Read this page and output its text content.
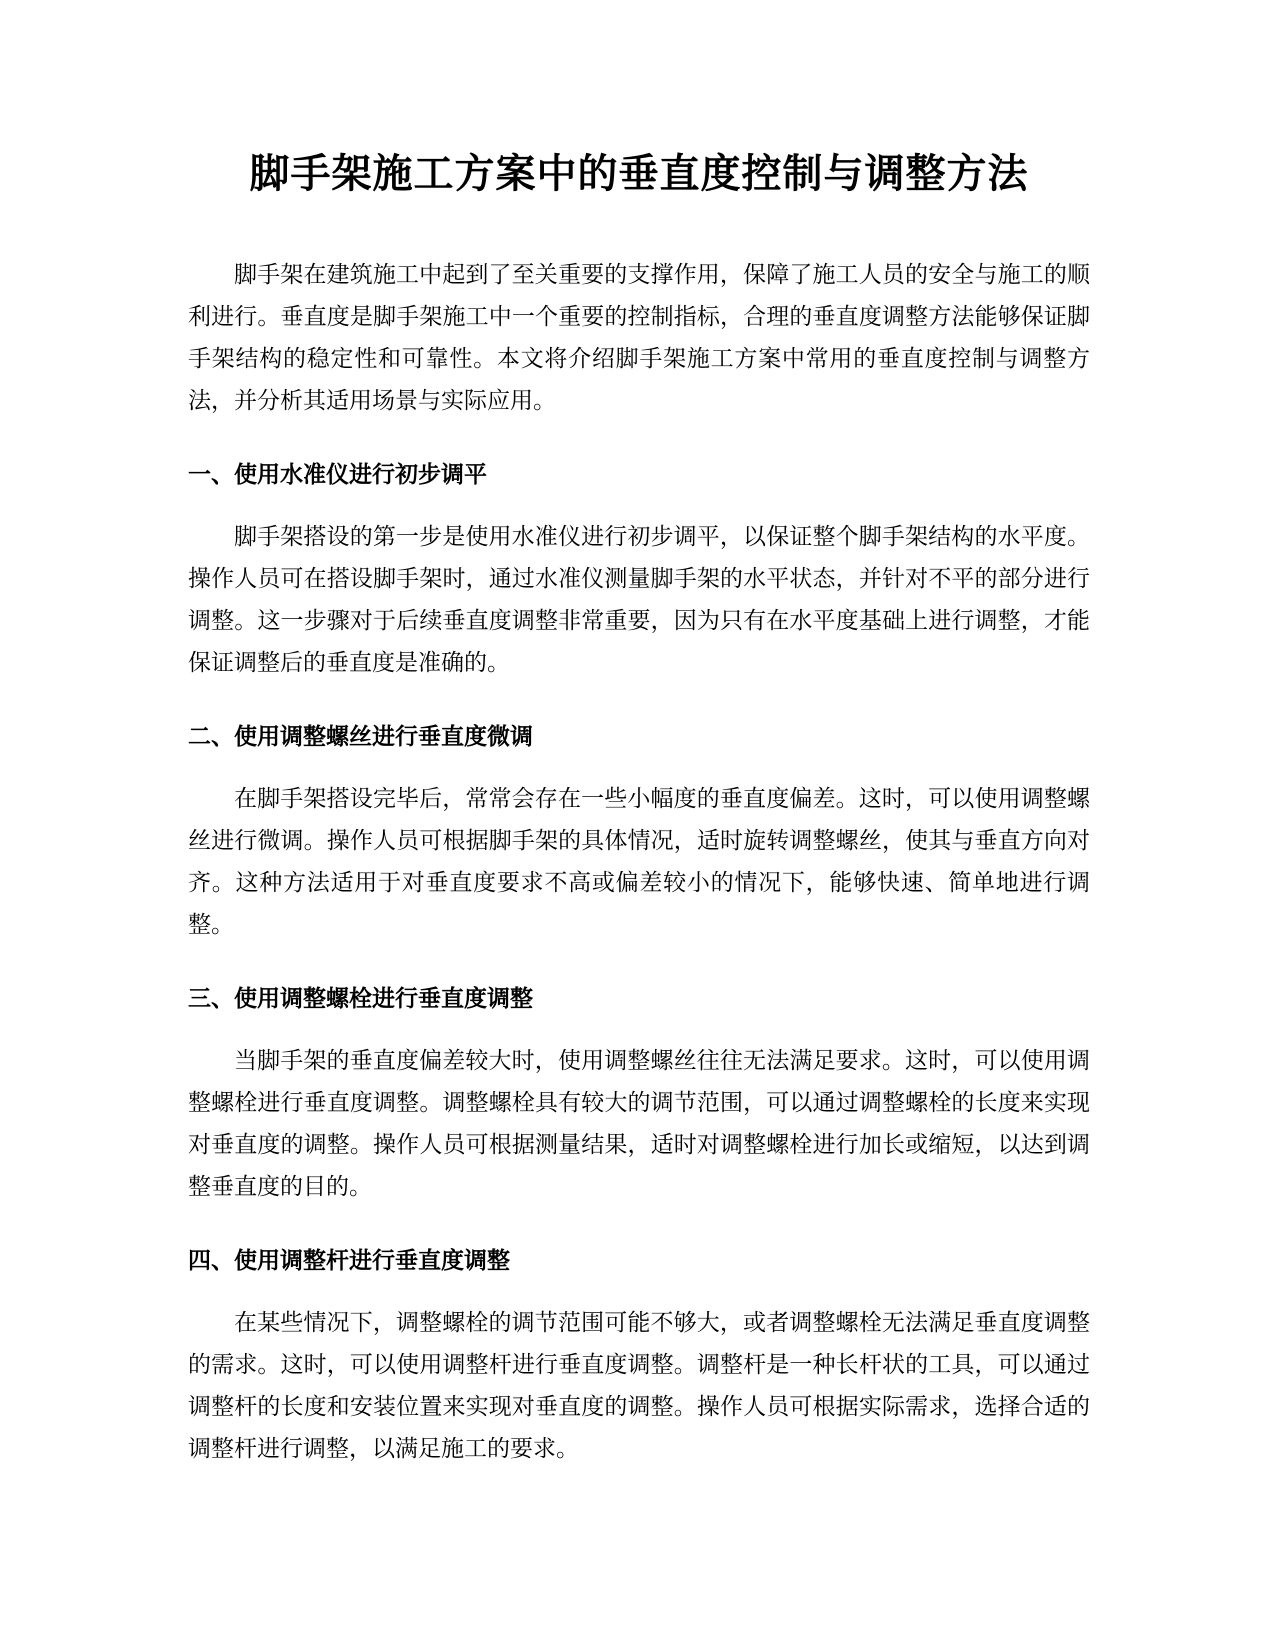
脚手架施工方案中的垂直度控制与调整方法

脚手架在建筑施工中起到了至关重要的支撑作用，保障了施工人员的安全与施工的顺利进行。垂直度是脚手架施工中一个重要的控制指标，合理的垂直度调整方法能够保证脚手架结构的稳定性和可靠性。本文将介绍脚手架施工方案中常用的垂直度控制与调整方法，并分析其适用场景与实际应用。

一、使用水准仪进行初步调平

脚手架搭设的第一步是使用水准仪进行初步调平，以保证整个脚手架结构的水平度。操作人员可在搭设脚手架时，通过水准仪测量脚手架的水平状态，并针对不平的部分进行调整。这一步骤对于后续垂直度调整非常重要，因为只有在水平度基础上进行调整，才能保证调整后的垂直度是准确的。

二、使用调整螺丝进行垂直度微调

在脚手架搭设完毕后，常常会存在一些小幅度的垂直度偏差。这时，可以使用调整螺丝进行微调。操作人员可根据脚手架的具体情况，适时旋转调整螺丝，使其与垂直方向对齐。这种方法适用于对垂直度要求不高或偏差较小的情况下，能够快速、简单地进行调整。

三、使用调整螺栓进行垂直度调整

当脚手架的垂直度偏差较大时，使用调整螺丝往往无法满足要求。这时，可以使用调整螺栓进行垂直度调整。调整螺栓具有较大的调节范围，可以通过调整螺栓的长度来实现对垂直度的调整。操作人员可根据测量结果，适时对调整螺栓进行加长或缩短，以达到调整垂直度的目的。

四、使用调整杆进行垂直度调整

在某些情况下，调整螺栓的调节范围可能不够大，或者调整螺栓无法满足垂直度调整的需求。这时，可以使用调整杆进行垂直度调整。调整杆是一种长杆状的工具，可以通过调整杆的长度和安装位置来实现对垂直度的调整。操作人员可根据实际需求，选择合适的调整杆进行调整，以满足施工的要求。
